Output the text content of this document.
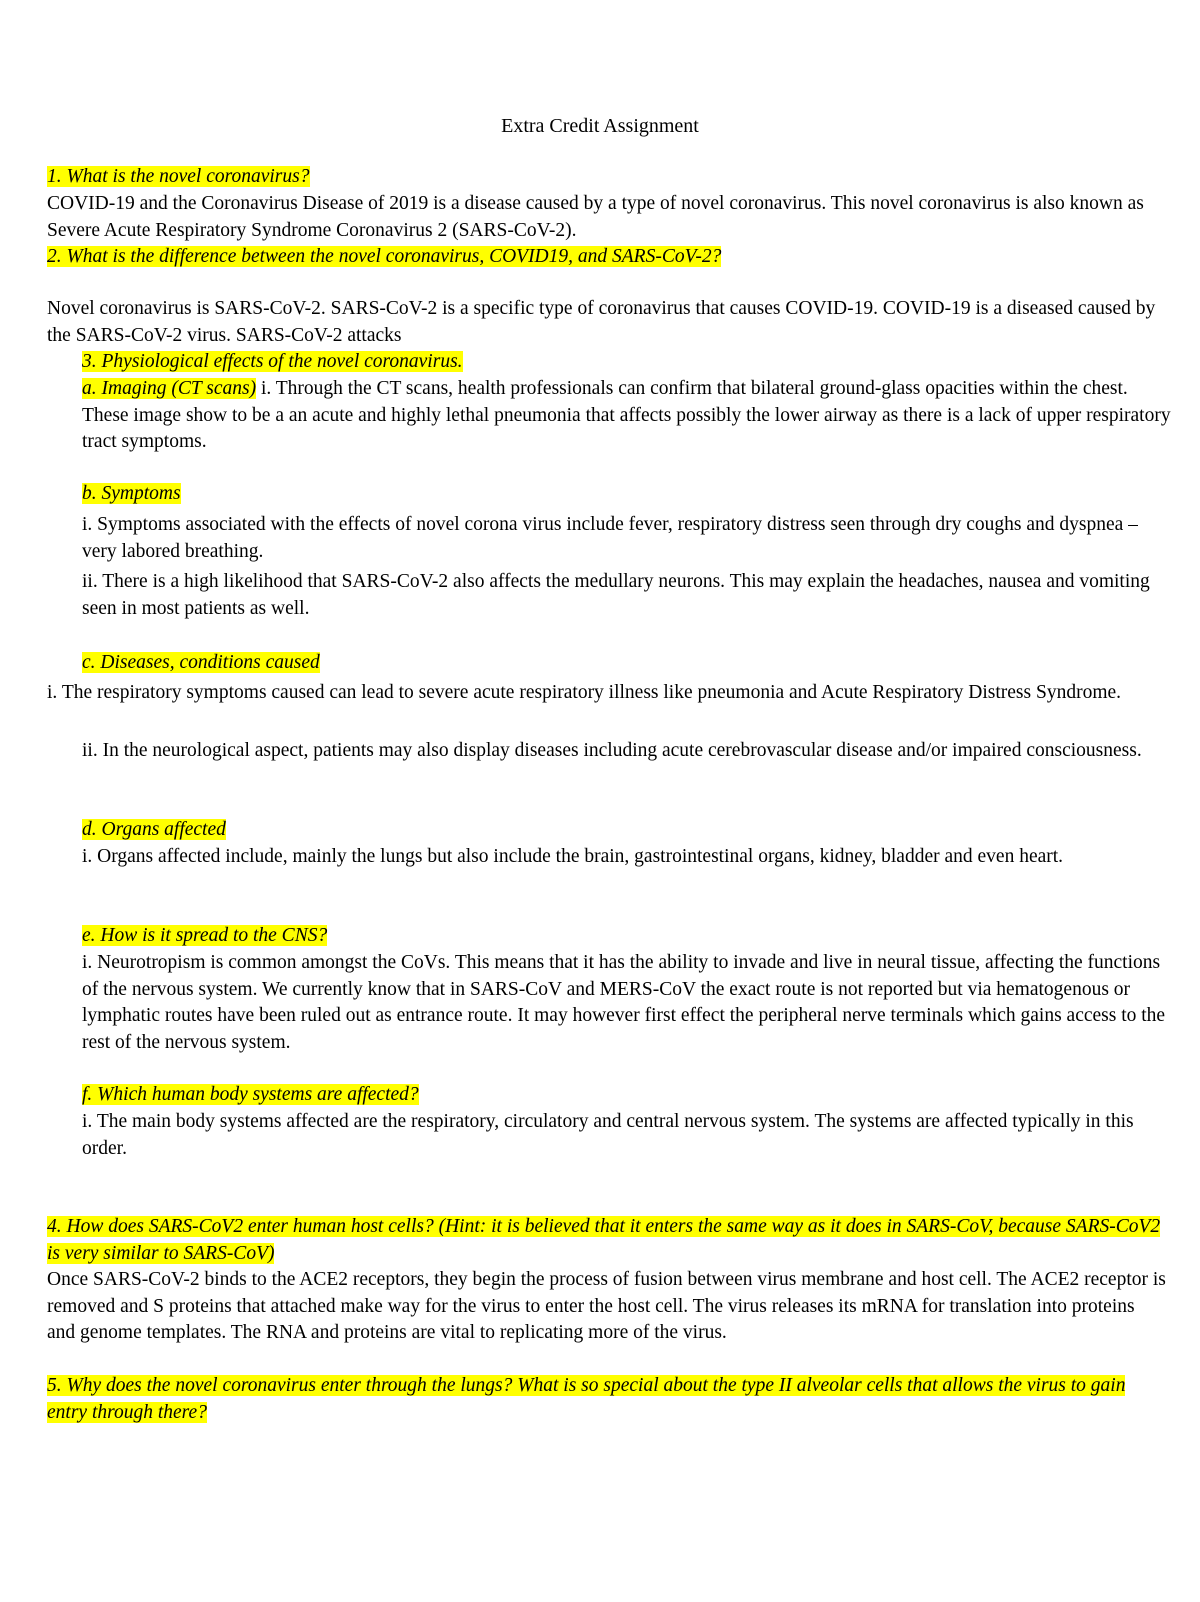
Extra Credit Assignment
1. What is the novel coronavirus?
COVID-19 and the Coronavirus Disease of 2019 is a disease caused by a type of novel coronavirus. This novel coronavirus is also known as Severe Acute Respiratory Syndrome Coronavirus 2 (SARS-CoV-2).
2. What is the difference between the novel coronavirus, COVID19, and SARS-CoV-2?
Novel coronavirus is SARS-CoV-2. SARS-CoV-2 is a specific type of coronavirus that causes COVID-19. COVID-19 is a diseased caused by the SARS-CoV-2 virus. SARS-CoV-2 attacks
3. Physiological effects of the novel coronavirus.
a. Imaging (CT scans) i. Through the CT scans, health professionals can confirm that bilateral ground-glass opacities within the chest. These image show to be a an acute and highly lethal pneumonia that affects possibly the lower airway as there is a lack of upper respiratory tract symptoms.
b. Symptoms
i. Symptoms associated with the effects of novel corona virus include fever, respiratory distress seen through dry coughs and dyspnea – very labored breathing.
ii. There is a high likelihood that SARS-CoV-2 also affects the medullary neurons. This may explain the headaches, nausea and vomiting seen in most patients as well.
c. Diseases, conditions caused
i. The respiratory symptoms caused can lead to severe acute respiratory illness like pneumonia and Acute Respiratory Distress Syndrome.
ii. In the neurological aspect, patients may also display diseases including acute cerebrovascular disease and/or impaired consciousness.
d. Organs affected
i. Organs affected include, mainly the lungs but also include the brain, gastrointestinal organs, kidney, bladder and even heart.
e. How is it spread to the CNS?
i. Neurotropism is common amongst the CoVs. This means that it has the ability to invade and live in neural tissue, affecting the functions of the nervous system. We currently know that in SARS-CoV and MERS-CoV the exact route is not reported but via hematogenous or lymphatic routes have been ruled out as entrance route. It may however first effect the peripheral nerve terminals which gains access to the rest of the nervous system.
f. Which human body systems are affected?
i. The main body systems affected are the respiratory, circulatory and central nervous system. The systems are affected typically in this order.
4. How does SARS-CoV2 enter human host cells? (Hint: it is believed that it enters the same way as it does in SARS-CoV, because SARS-CoV2 is very similar to SARS-CoV)
Once SARS-CoV-2 binds to the ACE2 receptors, they begin the process of fusion between virus membrane and host cell. The ACE2 receptor is removed and S proteins that attached make way for the virus to enter the host cell. The virus releases its mRNA for translation into proteins and genome templates. The RNA and proteins are vital to replicating more of the virus.
5. Why does the novel coronavirus enter through the lungs? What is so special about the type II alveolar cells that allows the virus to gain entry through there?
